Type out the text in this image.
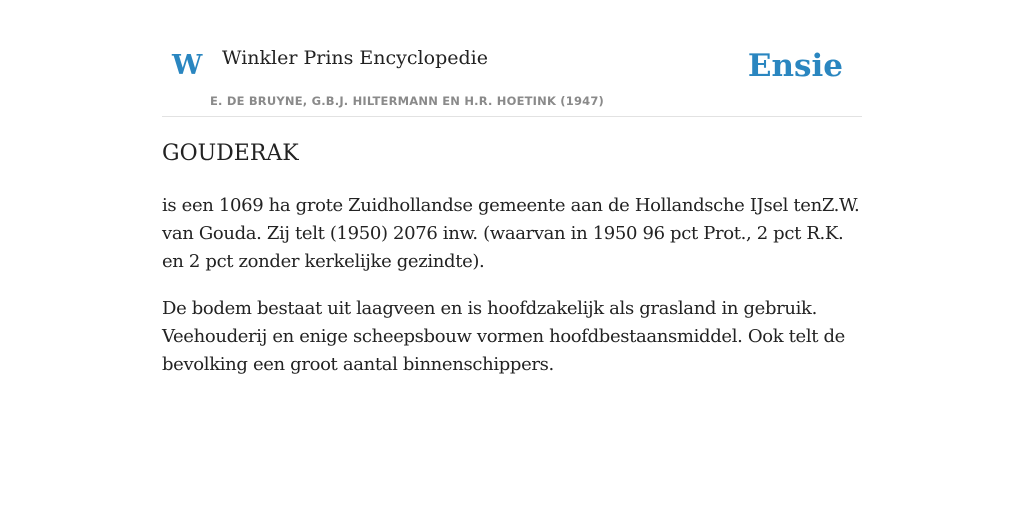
W Winkler Prins Encyclopedie
E. DE BRUYNE, G.B.J. HILTERMANN EN H.R. HOETINK (1947)
Ensie
GOUDERAK

is een 1069 ha grote Zuidhollandse gemeente aan de Hollandsche IJsel tenZ.W. van Gouda. Zij telt (1950) 2076 inw. (waarvan in 1950 96 pct Prot., 2 pct R.K. en 2 pct zonder kerkelijke gezindte).

De bodem bestaat uit laagveen en is hoofdzakelijk als grasland in gebruik. Veehouderij en enige scheepsbouw vormen hoofdbestaansmiddel. Ook telt de bevolking een groot aantal binnenschippers.
